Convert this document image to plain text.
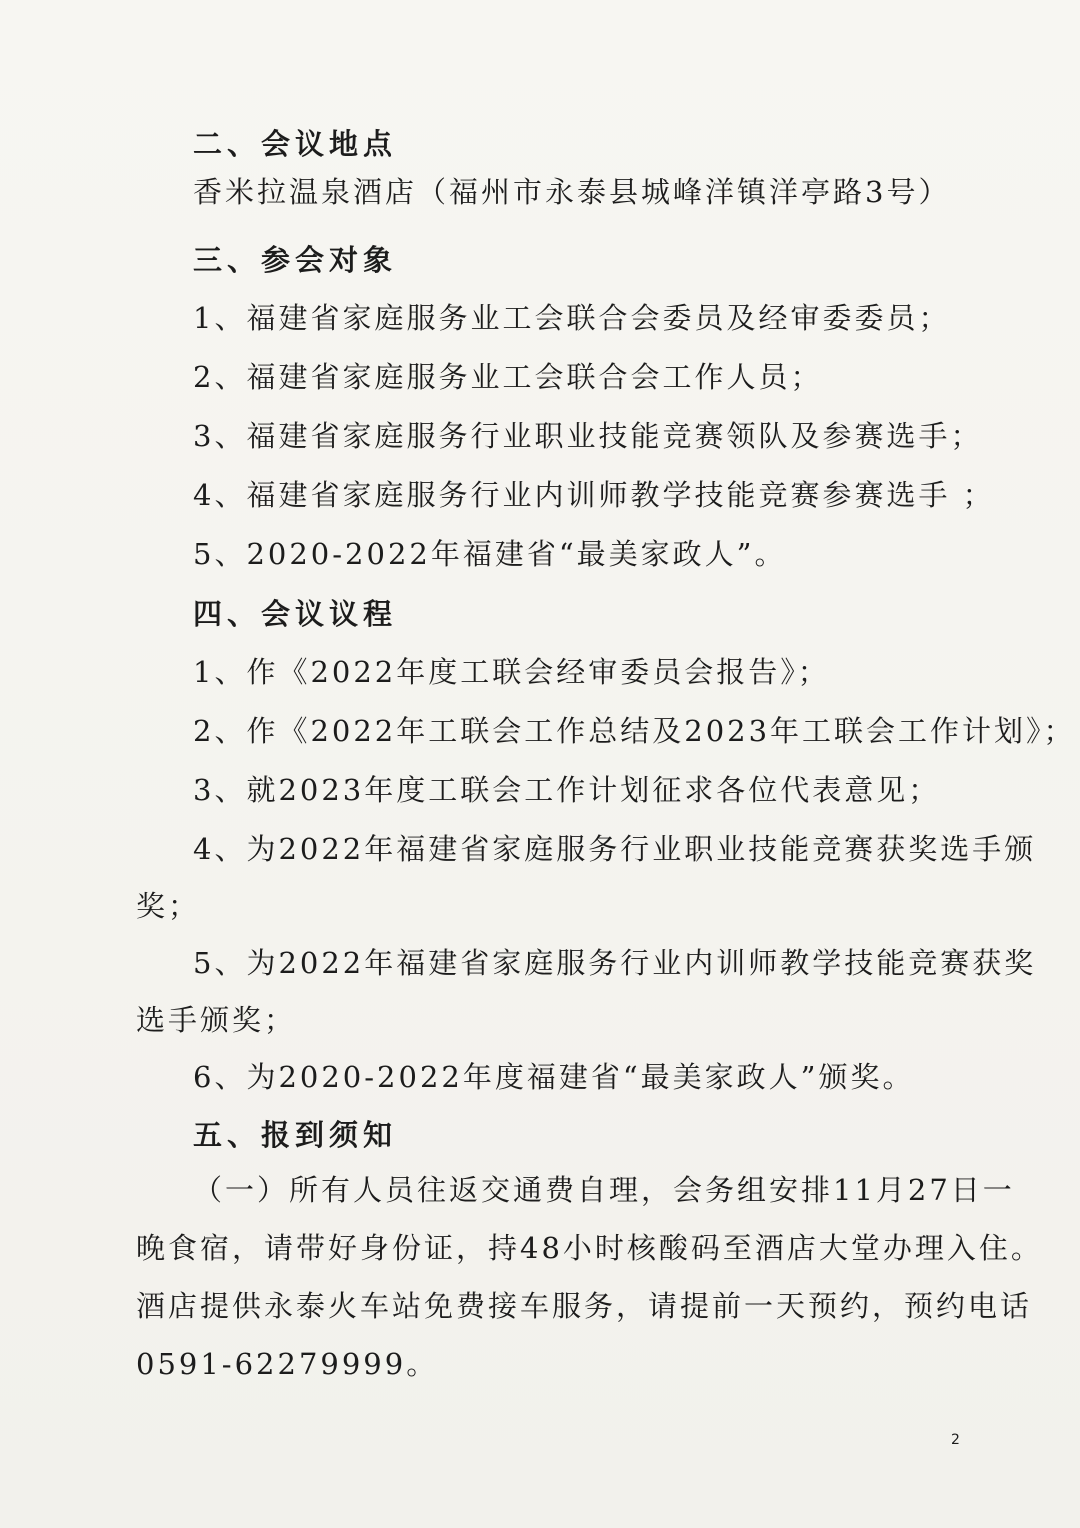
二、会议地点
香米拉温泉酒店（福州市永泰县城峰洋镇洋亭路3号）
三、参会对象
1、福建省家庭服务业工会联合会委员及经审委委员；
2、福建省家庭服务业工会联合会工作人员；
3、福建省家庭服务行业职业技能竞赛领队及参赛选手；
4、福建省家庭服务行业内训师教学技能竞赛参赛选手 ；
5、2020-2022年福建省“最美家政人”。
四、会议议程
1、作《2022年度工联会经审委员会报告》；
2、作《2022年工联会工作总结及2023年工联会工作计划》；
3、就2023年度工联会工作计划征求各位代表意见；
4、为2022年福建省家庭服务行业职业技能竞赛获奖选手颁
奖；
5、为2022年福建省家庭服务行业内训师教学技能竞赛获奖
选手颁奖；
6、为2020-2022年度福建省“最美家政人”颁奖。
五、报到须知
（一）所有人员往返交通费自理，会务组安排11月27日一
晚食宿，请带好身份证，持48小时核酸码至酒店大堂办理入住。
酒店提供永泰火车站免费接车服务，请提前一天预约，预约电话
0591-62279999。
2
